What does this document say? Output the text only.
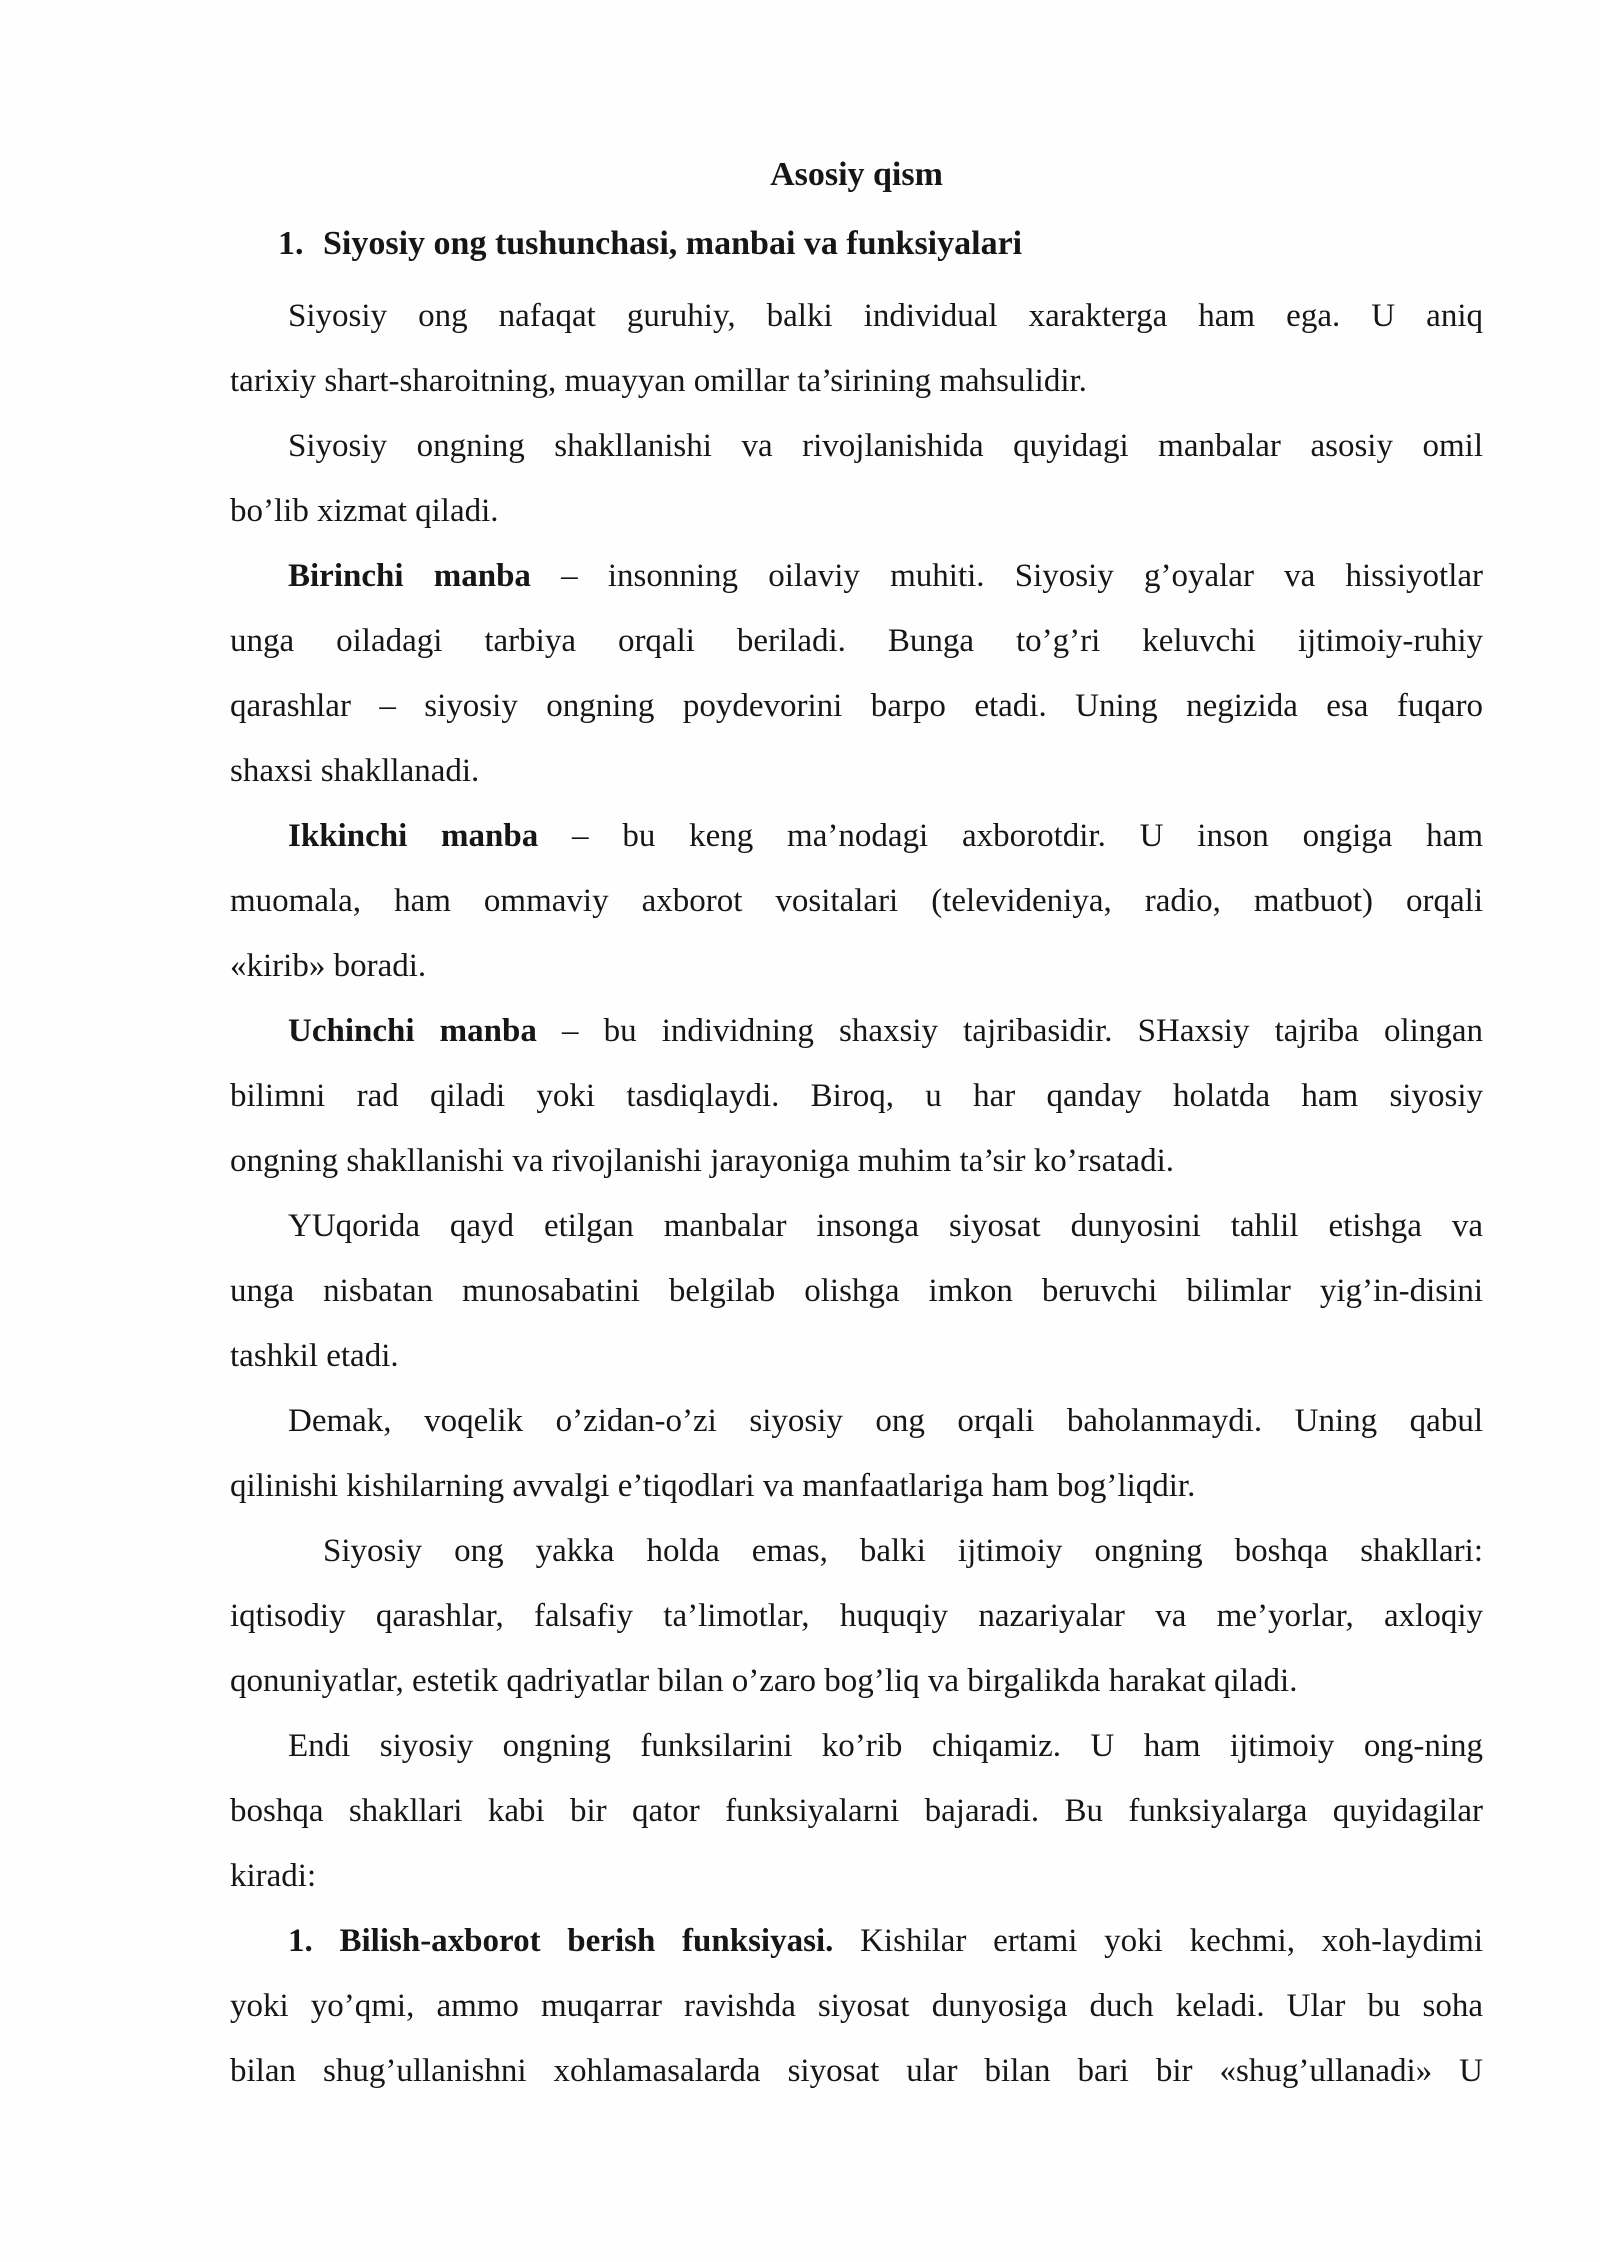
Asosiy qism
1. Siyosiy ong tushunchasi, manbai va funksiyalari
Siyosiy ong nafaqat guruhiy, balki individual xarakterga ham ega. U aniq
tarixiy shart-sharoitning, muayyan omillar ta’sirining mahsulidir.
Siyosiy ongning shakllanishi va rivojlanishida quyidagi manbalar asosiy omil
bo’lib xizmat qiladi.
Birinchi manba – insonning oilaviy muhiti. Siyosiy g’oyalar va hissiyotlar
unga oiladagi tarbiya orqali beriladi. Bunga to’g’ri keluvchi ijtimoiy-ruhiy
qarashlar – siyosiy ongning poydevorini barpo etadi. Uning negizida esa fuqaro
shaxsi shakllanadi.
Ikkinchi manba – bu keng ma’nodagi axborotdir. U inson ongiga ham
muomala, ham ommaviy axborot vositalari (televideniya, radio, matbuot) orqali
«kirib» boradi.
Uchinchi manba – bu individning shaxsiy tajribasidir. SHaxsiy tajriba olingan
bilimni rad qiladi yoki tasdiqlaydi. Biroq, u har qanday holatda ham siyosiy
ongning shakllanishi va rivojlanishi jarayoniga muhim ta’sir ko’rsatadi.
YUqorida qayd etilgan manbalar insonga siyosat dunyosini tahlil etishga va
unga nisbatan munosabatini belgilab olishga imkon beruvchi bilimlar yig’in-disini
tashkil etadi.
Demak, voqelik o’zidan-o’zi siyosiy ong orqali baholanmaydi. Uning qabul
qilinishi kishilarning avvalgi e’tiqodlari va manfaatlariga ham bog’liqdir.
Siyosiy ong yakka holda emas, balki ijtimoiy ongning boshqa shakllari:
iqtisodiy qarashlar, falsafiy ta’limotlar, huquqiy nazariyalar va me’yorlar, axloqiy
qonuniyatlar, estetik qadriyatlar bilan o’zaro bog’liq va birgalikda harakat qiladi.
Endi siyosiy ongning funksilarini ko’rib chiqamiz. U ham ijtimoiy ong-ning
boshqa shakllari kabi bir qator funksiyalarni bajaradi. Bu funksiyalarga quyidagilar
kiradi:
1. Bilish-axborot berish funksiyasi. Kishilar ertami yoki kechmi, xoh-laydimi
yoki yo’qmi, ammo muqarrar ravishda siyosat dunyosiga duch keladi. Ular bu soha
bilan shug’ullanishni xohlamasalarda siyosat ular bilan bari bir «shug’ullanadi» U
